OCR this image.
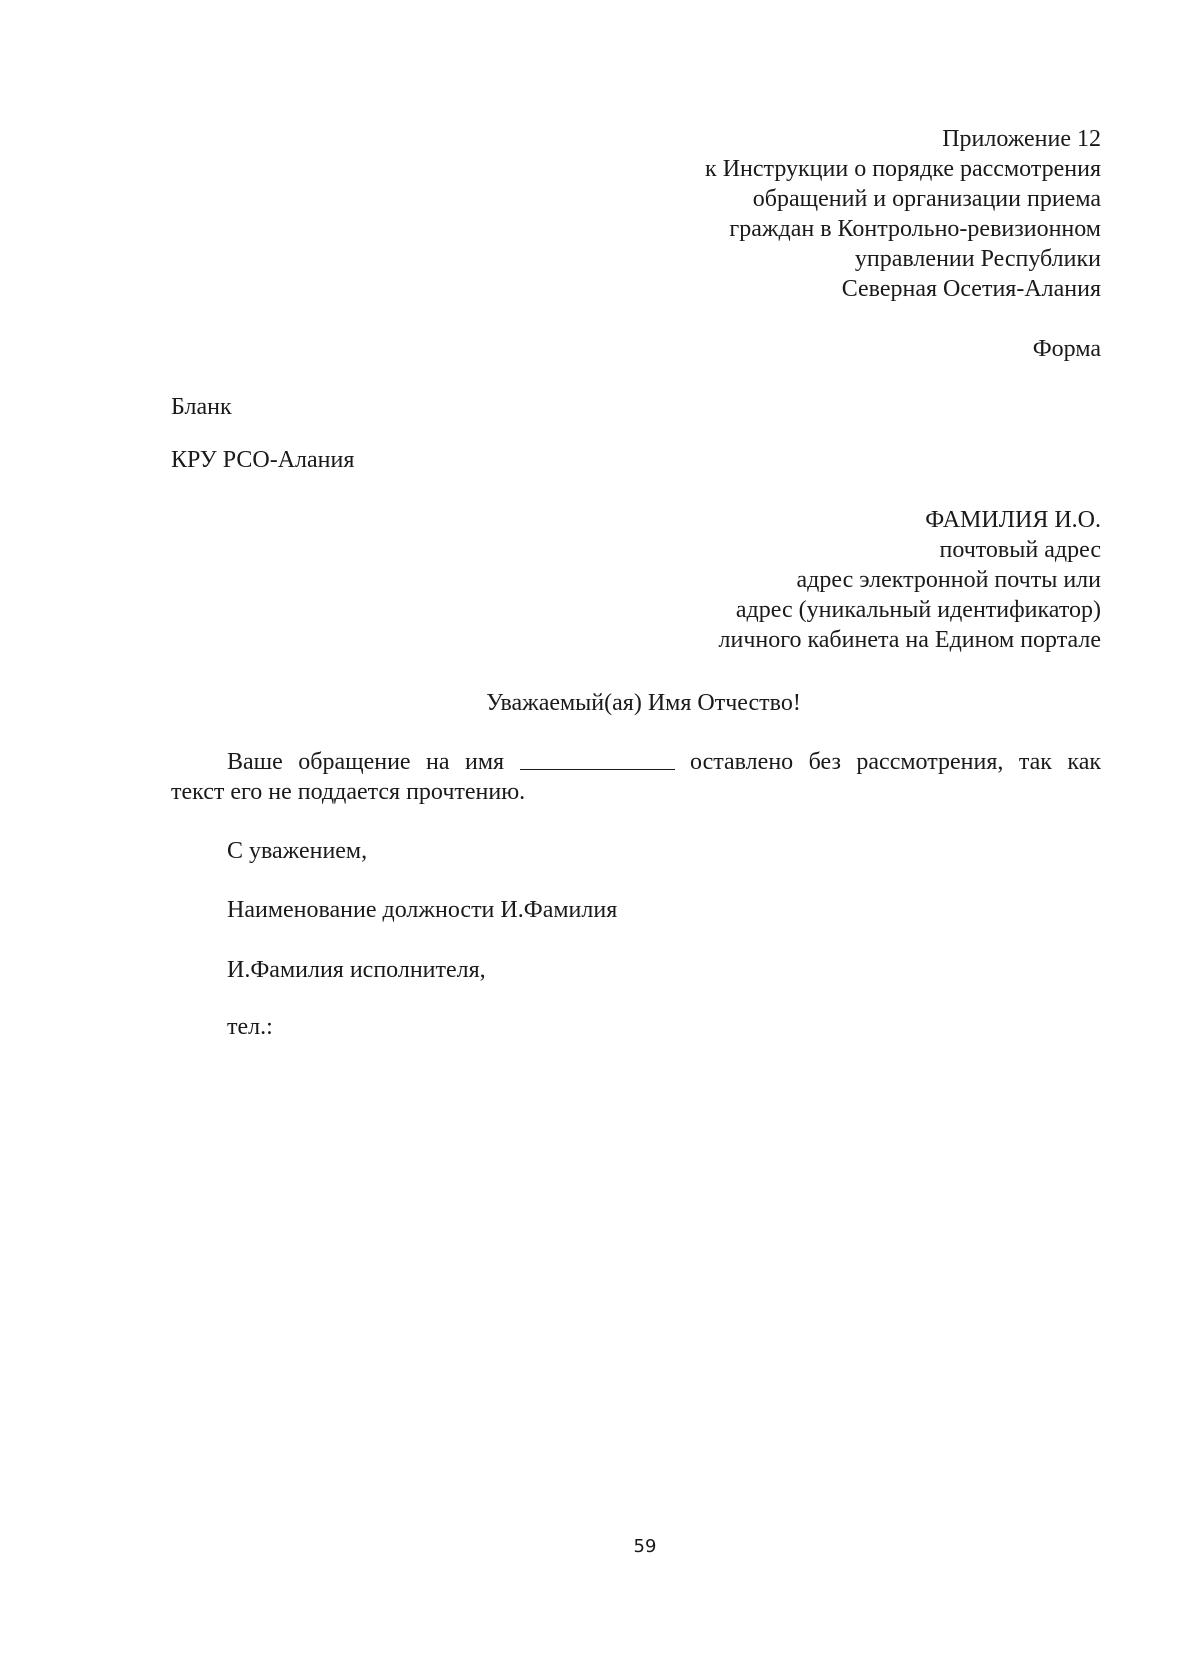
Приложение 12
к Инструкции о порядке рассмотрения
обращений и организации приема
граждан в Контрольно-ревизионном
управлении Республики
Северная Осетия-Алания
Форма
Бланк
КРУ РСО-Алания
ФАМИЛИЯ И.О.
почтовый адрес
адрес электронной почты или
адрес (уникальный идентификатор)
личного кабинета на Едином портале
Уважаемый(ая) Имя Отчество!
Ваше обращение на имя	оставлено без рассмотрения, так как
текст его не поддается прочтению.
С уважением,
Наименование должности И.Фамилия
И.Фамилия исполнителя,
тел.:
59
